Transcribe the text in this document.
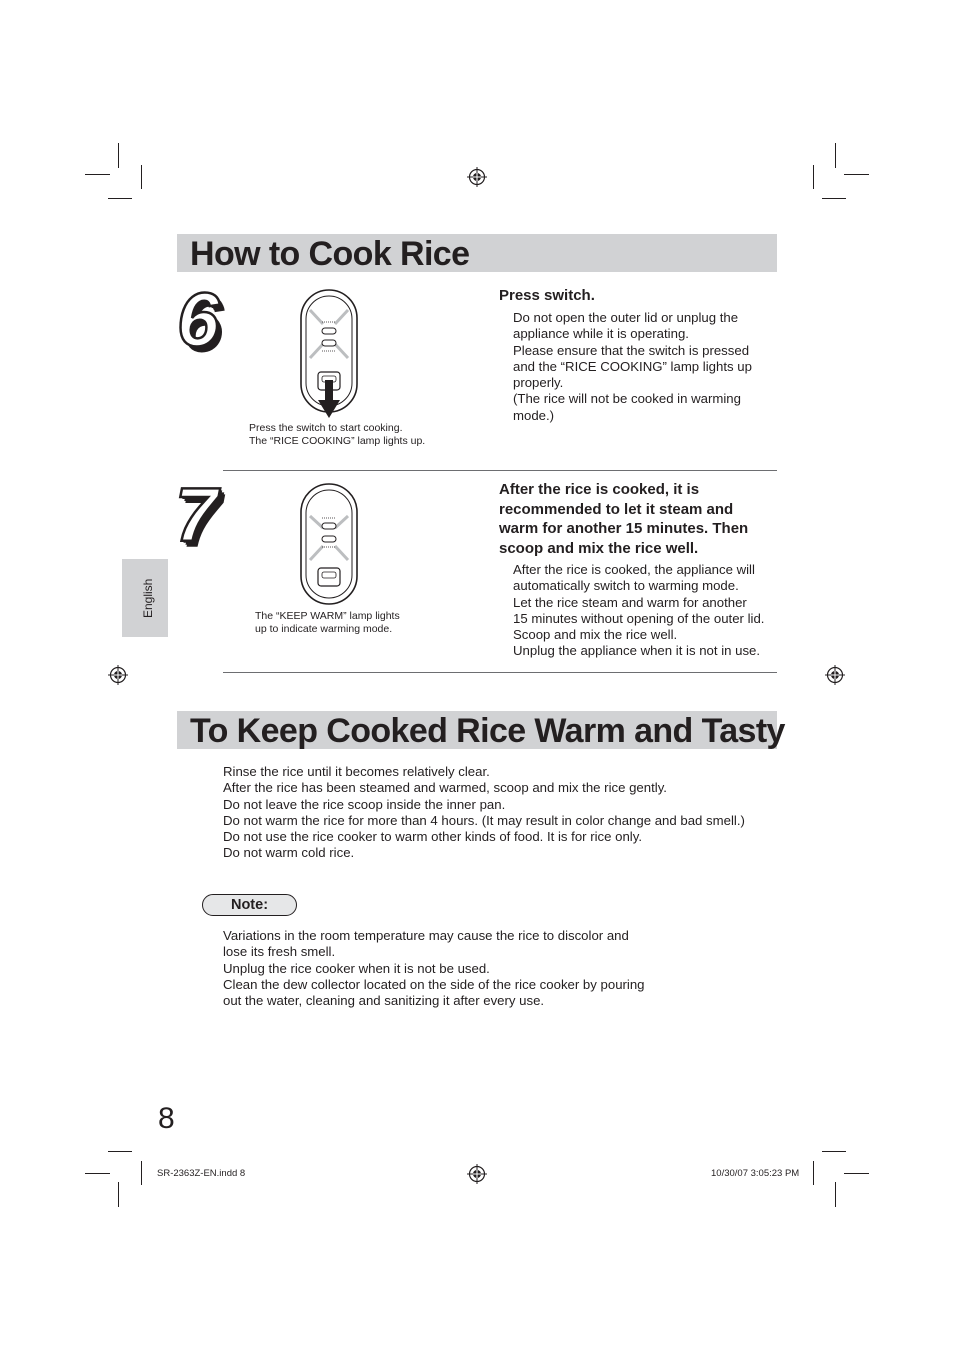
How to Cook Rice
6
Press the switch to start cooking.
The “RICE COOKING” lamp lights up.
Press switch.
Do not open the outer lid or unplug the
appliance while it is operating.
Please ensure that the switch is pressed
and the “RICE COOKING” lamp lights up
properly.
(The rice will not be cooked in warming
mode.)
7
The “KEEP WARM” lamp lights
up to indicate warming mode.
After the rice is cooked, it is
recommended to let it steam and
warm for another 15 minutes. Then
scoop and mix the rice well.
After the rice is cooked, the appliance will
automatically switch to warming mode.
Let the rice steam and warm for another
15 minutes without opening of the outer lid.
Scoop and mix the rice well.
Unplug the appliance when it is not in use.
English
To Keep Cooked Rice Warm and Tasty
Rinse the rice until it becomes relatively clear.
After the rice has been steamed and warmed, scoop and mix the rice gently.
Do not leave the rice scoop inside the inner pan.
Do not warm the rice for more than 4 hours. (It may result in color change and bad smell.)
Do not use the rice cooker to warm other kinds of food. It is for rice only.
Do not warm cold rice.
Note:
Variations in the room temperature may cause the rice to discolor and
lose its fresh smell.
Unplug the rice cooker when it is not be used.
Clean the dew collector located on the side of the rice cooker by pouring
out the water, cleaning and sanitizing it after every use.
8
SR-2363Z-EN.indd 8	10/30/07 3:05:23 PM
